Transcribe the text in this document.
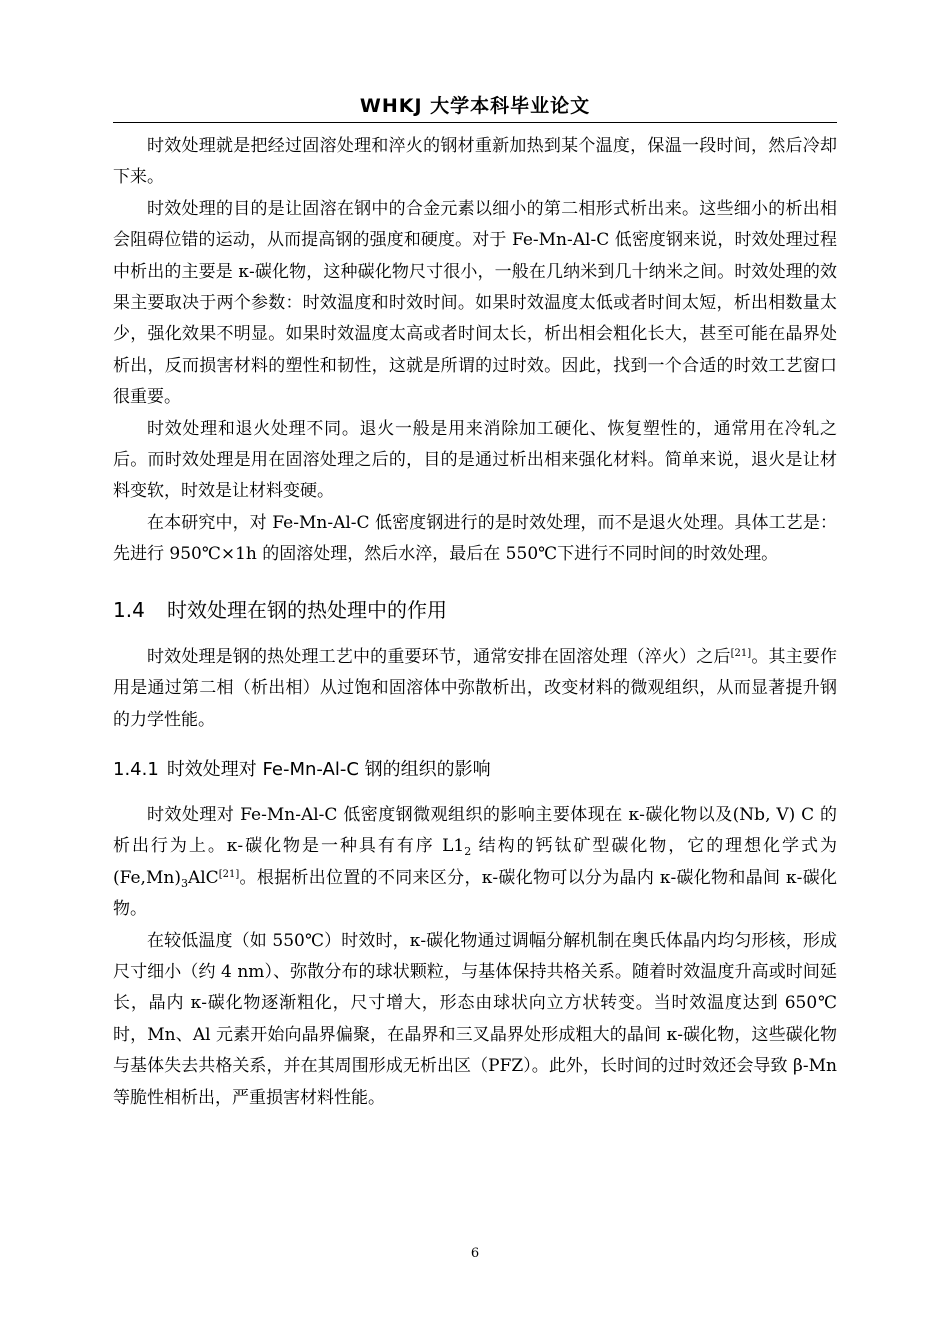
WHKJ 大学本科毕业论文

时效处理就是把经过固溶处理和淬火的钢材重新加热到某个温度，保温一段时间，然后冷却下来。

时效处理的目的是让固溶在钢中的合金元素以细小的第二相形式析出来。这些细小的析出相会阻碍位错的运动，从而提高钢的强度和硬度。对于 Fe-Mn-Al-C 低密度钢来说，时效处理过程中析出的主要是 κ-碳化物，这种碳化物尺寸很小，一般在几纳米到几十纳米之间。时效处理的效果主要取决于两个参数：时效温度和时效时间。如果时效温度太低或者时间太短，析出相数量太少，强化效果不明显。如果时效温度太高或者时间太长，析出相会粗化长大，甚至可能在晶界处析出，反而损害材料的塑性和韧性，这就是所谓的过时效。因此，找到一个合适的时效工艺窗口很重要。

时效处理和退火处理不同。退火一般是用来消除加工硬化、恢复塑性的，通常用在冷轧之后。而时效处理是用在固溶处理之后的，目的是通过析出相来强化材料。简单来说，退火是让材料变软，时效是让材料变硬。

在本研究中，对 Fe-Mn-Al-C 低密度钢进行的是时效处理，而不是退火处理。具体工艺是：先进行 950℃×1h 的固溶处理，然后水淬，最后在 550℃下进行不同时间的时效处理。

1.4 时效处理在钢的热处理中的作用

时效处理是钢的热处理工艺中的重要环节，通常安排在固溶处理（淬火）之后[21]。其主要作用是通过第二相（析出相）从过饱和固溶体中弥散析出，改变材料的微观组织，从而显著提升钢的力学性能。

1.4.1 时效处理对 Fe-Mn-Al-C 钢的组织的影响

时效处理对 Fe-Mn-Al-C 低密度钢微观组织的影响主要体现在 κ-碳化物以及(Nb, V) C 的析出行为上。κ-碳化物是一种具有有序 $L1_2$ 结构的钙钛矿型碳化物，它的理想化学式为$(Fe,Mn)_3AlC[21]$。根据析出位置的不同来区分，κ-碳化物可以分为晶内 κ-碳化物和晶间 κ-碳化物。

在较低温度（如 550℃）时效时，κ-碳化物通过调幅分解机制在奥氏体晶内均匀形核，形成尺寸细小（约 4 nm）、弥散分布的球状颗粒，与基体保持共格关系。随着时效温度升高或时间延长，晶内 κ-碳化物逐渐粗化，尺寸增大，形态由球状向立方状转变。当时效温度达到 650℃时，Mn、Al 元素开始向晶界偏聚，在晶界和三叉晶界处形成粗大的晶间 κ-碳化物，这些碳化物与基体失去共格关系，并在其周围形成无析出区（PFZ）。此外，长时间的过时效还会导致 β-Mn 等脆性相析出，严重损害材料性能。

6
